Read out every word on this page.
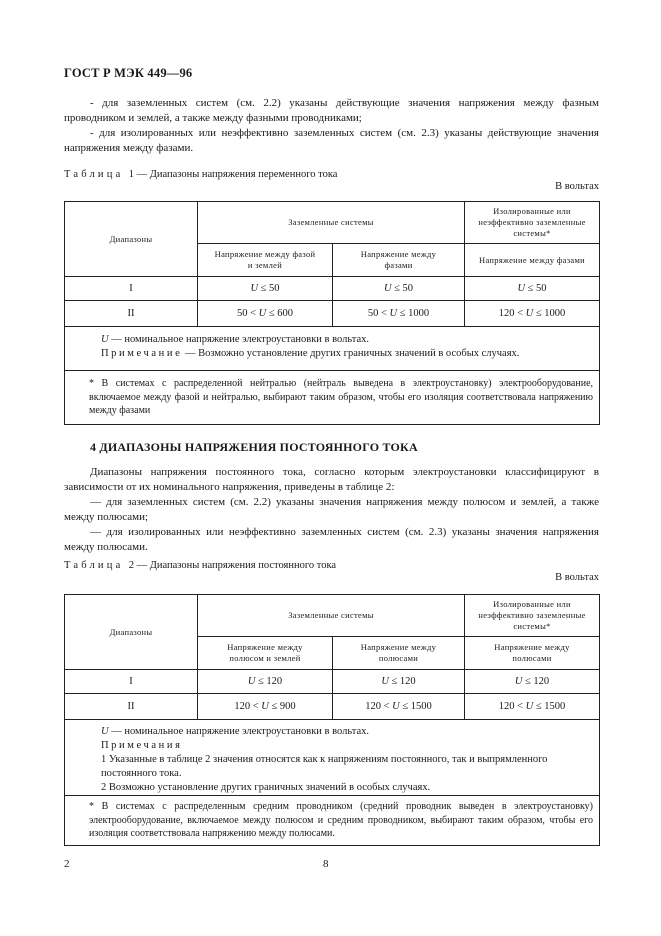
ГОСТ Р МЭК 449—96
- для заземленных систем (см. 2.2) указаны действующие значения напряжения между фазным проводником и землей, а также между фазными проводниками;
- для изолированных или неэффективно заземленных систем (см. 2.3) указаны действующие значения напряжения между фазами.
Таблица 1 — Диапазоны напряжения переменного тока
В вольтах
Диапазоны	Заземленные системы		Изолированные или неэффективно заземленные системы*
	Напряжение между фазой и землей	Напряжение между фазами	Напряжение между фазами
I	U ≤ 50	U ≤ 50	U ≤ 50
II	50 < U ≤ 600	50 < U ≤ 1000	120 < U ≤ 1000

U — номинальное напряжение электроустановки в вольтах.
Примечание — Возможно установление других граничных значений в особых случаях.			

* В системах с распределенной нейтралью (нейтраль выведена в электроустановку) электрооборудование, включаемое между фазой и нейтралью, выбирают таким образом, чтобы его изоляция соответствовала напряжению между фазами			
4 ДИАПАЗОНЫ НАПРЯЖЕНИЯ ПОСТОЯННОГО ТОКА
Диапазоны напряжения постоянного тока, согласно которым электроустановки классифицируют в зависимости от их номинального напряжения, приведены в таблице 2:
— для заземленных систем (см. 2.2) указаны значения напряжения между полюсом и землей, а также между полюсами;
— для изолированных или неэффективно заземленных систем (см. 2.3) указаны значения напряжения между полюсами.
Таблица 2 — Диапазоны напряжения постоянного тока
В вольтах
Диапазоны	Заземленные системы		Изолированные или неэффективно заземленные системы*
	Напряжение между полюсом и землей	Напряжение между полюсами	Напряжение между полюсами
I	U ≤ 120	U ≤ 120	U ≤ 120
II	120 < U ≤ 900	120 < U ≤ 1500	120 < U ≤ 1500

U — номинальное напряжение электроустановки в вольтах.
Примечания
1 Указанные в таблице 2 значения относятся как к напряжениям постоянного, так и выпрямленного постоянного тока.
2 Возможно установление других граничных значений в особых случаях.			

* В системах с распределенным средним проводником (средний проводник выведен в электроустановку) электрооборудование, включаемое между полюсом и средним проводником, выбирают таким образом, чтобы его изоляция соответствовала напряжению между полюсами.			
2	8
